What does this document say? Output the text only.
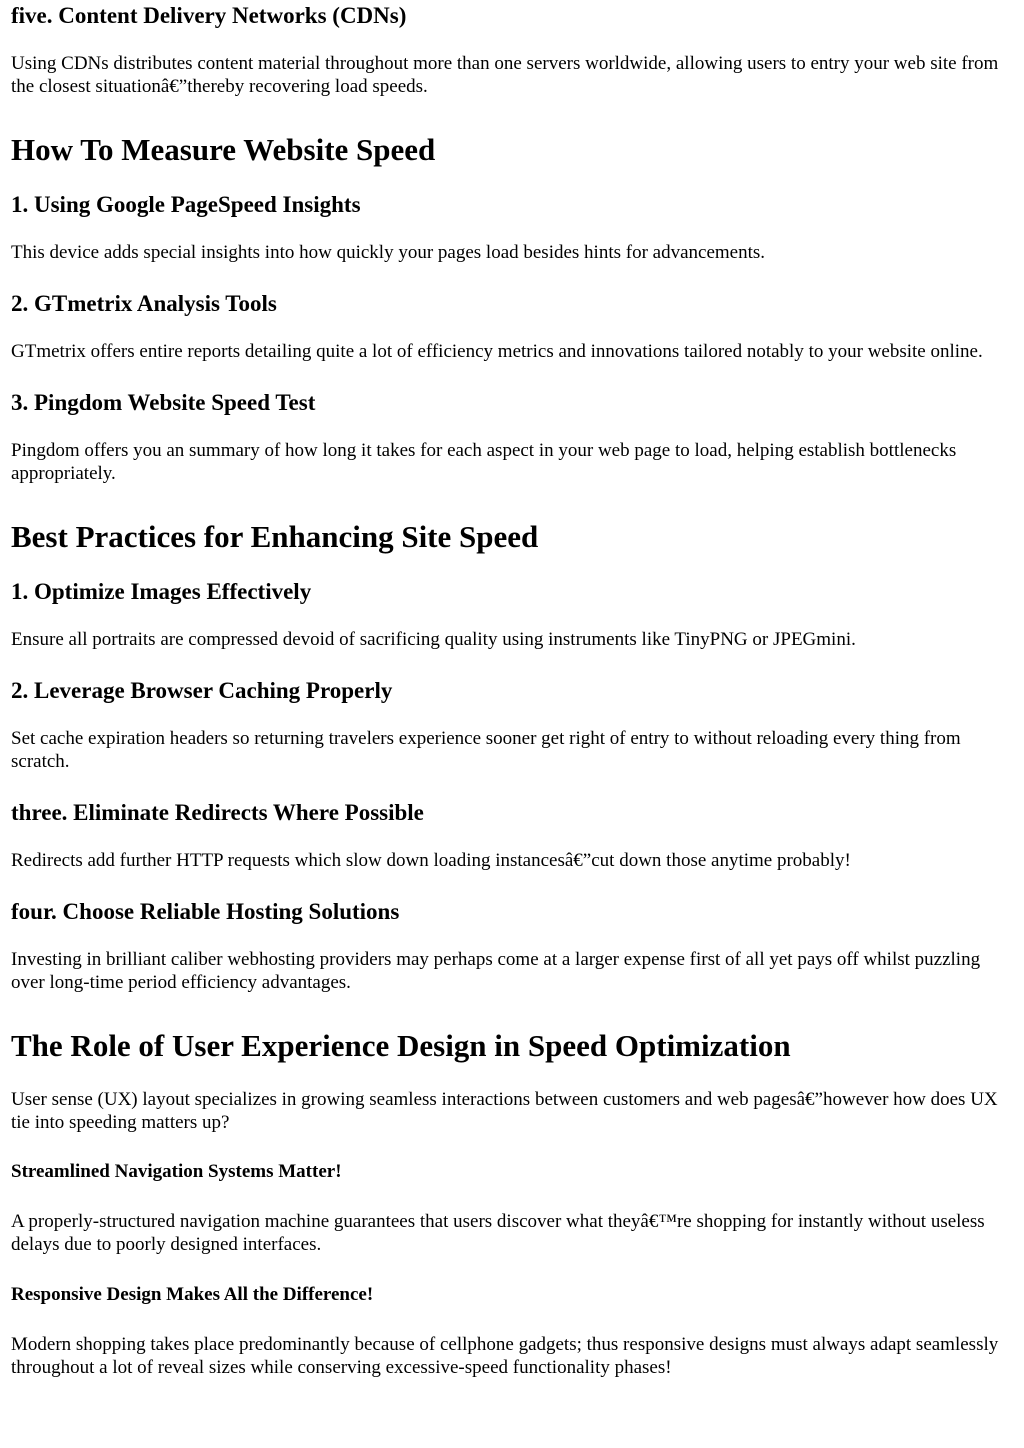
five. Content Delivery Networks (CDNs)

Using CDNs distributes content material throughout more than one servers worldwide, allowing users to entry your web site from the closest situationâ€”thereby recovering load speeds.

How To Measure Website Speed
1. Using Google PageSpeed Insights

This device adds special insights into how quickly your pages load besides hints for advancements.

2. GTmetrix Analysis Tools

GTmetrix offers entire reports detailing quite a lot of efficiency metrics and innovations tailored notably to your website online.

3. Pingdom Website Speed Test

Pingdom offers you an summary of how long it takes for each aspect in your web page to load, helping establish bottlenecks appropriately.

Best Practices for Enhancing Site Speed
1. Optimize Images Effectively

Ensure all portraits are compressed devoid of sacrificing quality using instruments like TinyPNG or JPEGmini.

2. Leverage Browser Caching Properly

Set cache expiration headers so returning travelers experience sooner get right of entry to without reloading every thing from scratch.

three. Eliminate Redirects Where Possible

Redirects add further HTTP requests which slow down loading instancesâ€”cut down those anytime probably!

four. Choose Reliable Hosting Solutions

Investing in brilliant caliber webhosting providers may perhaps come at a larger expense first of all yet pays off whilst puzzling over long-time period efficiency advantages.

The Role of User Experience Design in Speed Optimization

User sense (UX) layout specializes in growing seamless interactions between customers and web pagesâ€”however how does UX tie into speeding matters up?

Streamlined Navigation Systems Matter!

A properly-structured navigation machine guarantees that users discover what theyâ€™re shopping for instantly without useless delays due to poorly designed interfaces.

Responsive Design Makes All the Difference!

Modern shopping takes place predominantly because of cellphone gadgets; thus responsive designs must always adapt seamlessly throughout a lot of reveal sizes while conserving excessive-speed functionality phases!
